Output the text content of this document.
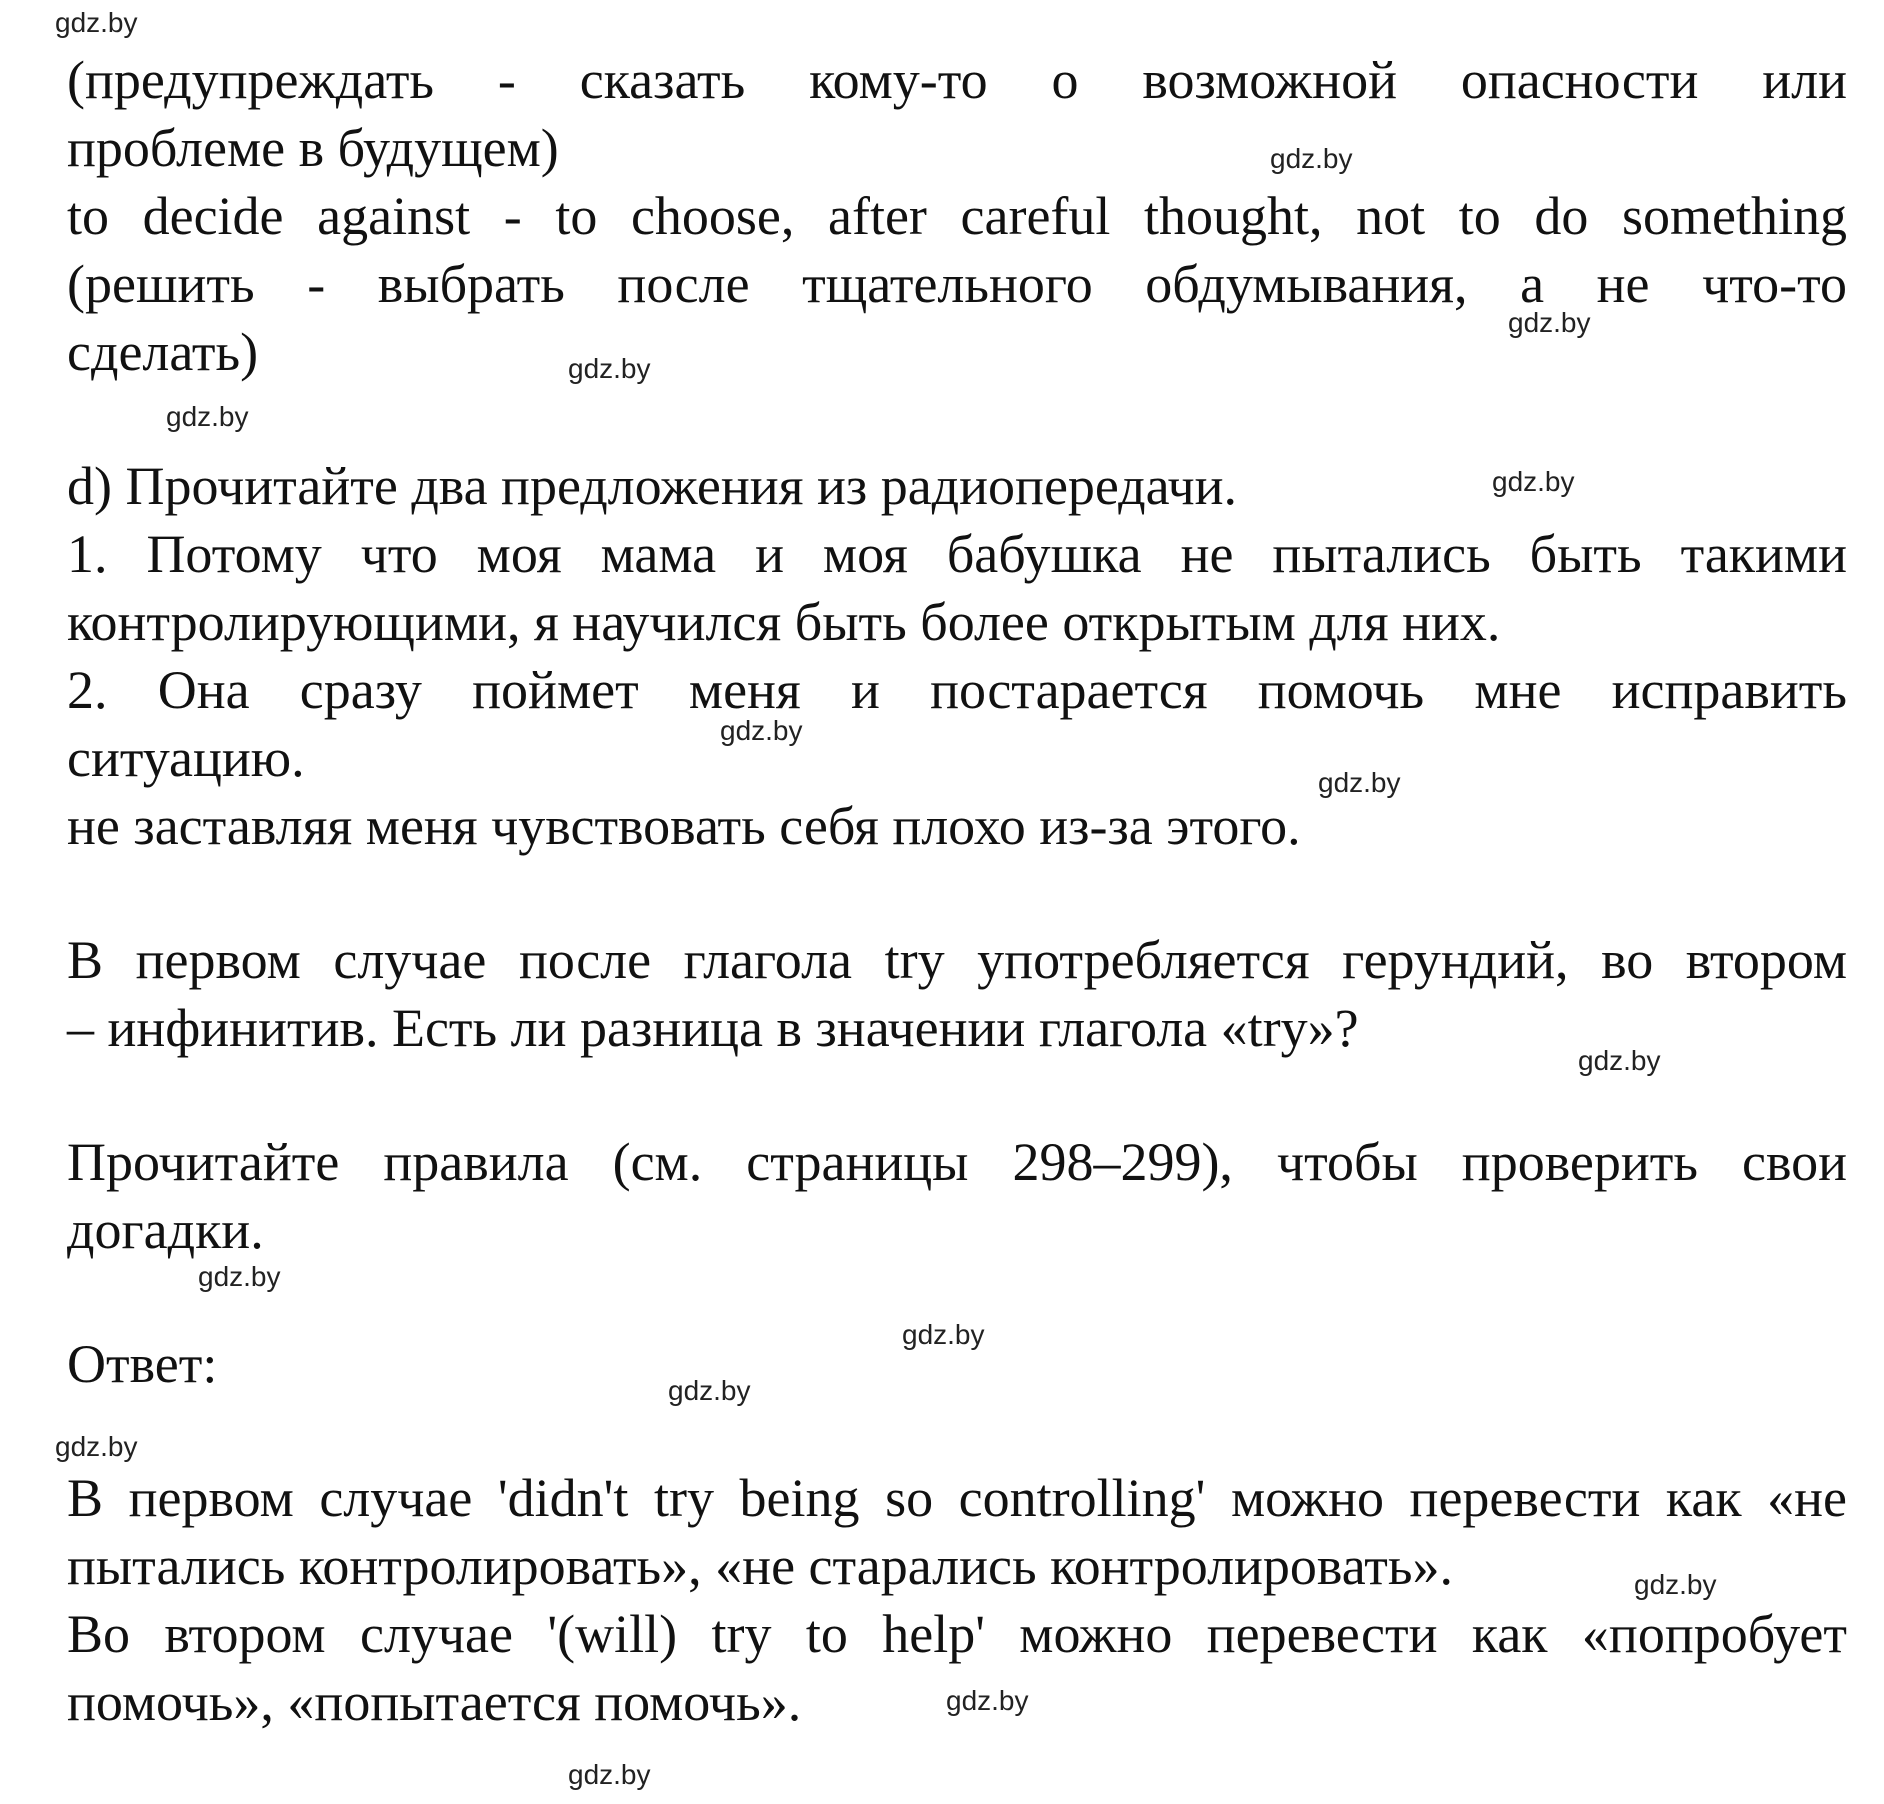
(предупреждать - сказать кому-то о возможной опасности или
проблеме в будущем)
to decide against - to choose, after careful thought, not to do something
(решить - выбрать после тщательного обдумывания, а не что-то
сделать)
d) Прочитайте два предложения из радиопередачи.
1. Потому что моя мама и моя бабушка не пытались быть такими
контролирующими, я научился быть более открытым для них.
2. Она сразу поймет меня и постарается помочь мне исправить
ситуацию.
не заставляя меня чувствовать себя плохо из-за этого.
В первом случае после глагола try употребляется герундий, во втором
– инфинитив. Есть ли разница в значении глагола «try»?
Прочитайте правила (см. страницы 298–299), чтобы проверить свои
догадки.
Ответ:
В первом случае 'didn't try being so controlling' можно перевести как «не
пытались контролировать», «не старались контролировать».
Во втором случае '(will) try to help' можно перевести как «попробует
помочь», «попытается помочь».
gdz.by
gdz.by
gdz.by
gdz.by
gdz.by
gdz.by
gdz.by
gdz.by
gdz.by
gdz.by
gdz.by
gdz.by
gdz.by
gdz.by
gdz.by
gdz.by
